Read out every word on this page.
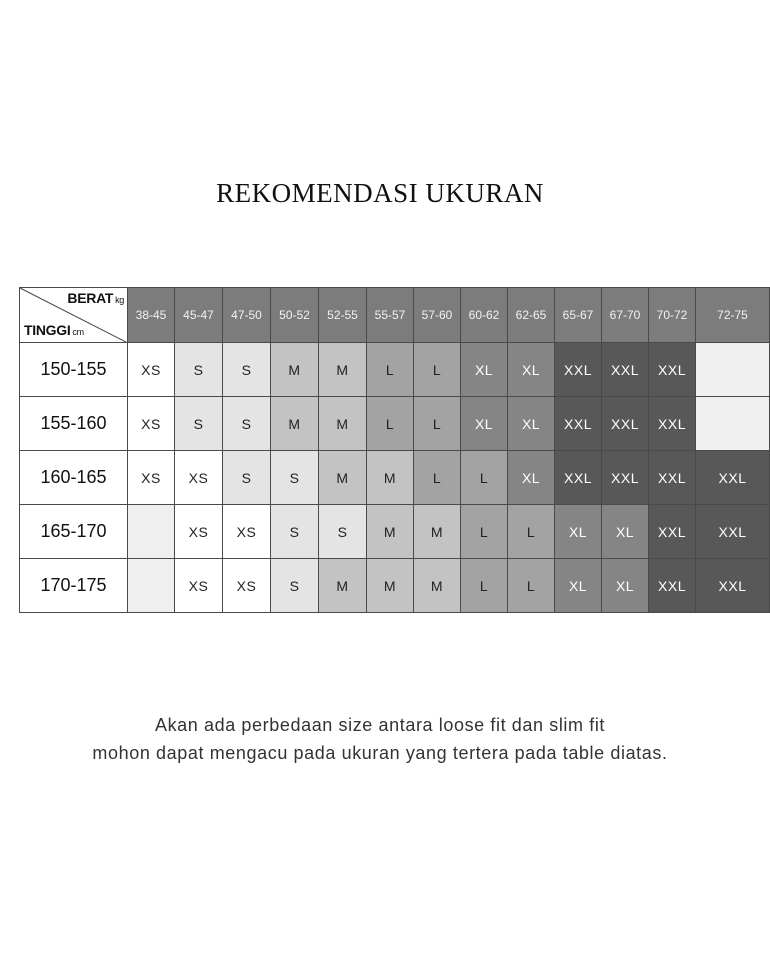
REKOMENDASI UKURAN
BERAT kg
TINGGI cm	38-45	45-47	47-50	50-52	52-55	55-57	57-60	60-62	62-65	65-67	67-70	70-72	72-75
150-155	XS	S	S	M	M	L	L	XL	XL	XXL	XXL	XXL	
155-160	XS	S	S	M	M	L	L	XL	XL	XXL	XXL	XXL	
160-165	XS	XS	S	S	M	M	L	L	XL	XXL	XXL	XXL	XXL
165-170		XS	XS	S	S	M	M	L	L	XL	XL	XXL	XXL
170-175		XS	XS	S	M	M	M	L	L	XL	XL	XXL	XXL
Akan ada perbedaan size antara loose fit dan slim fit
mohon dapat mengacu pada ukuran yang tertera pada table diatas.
